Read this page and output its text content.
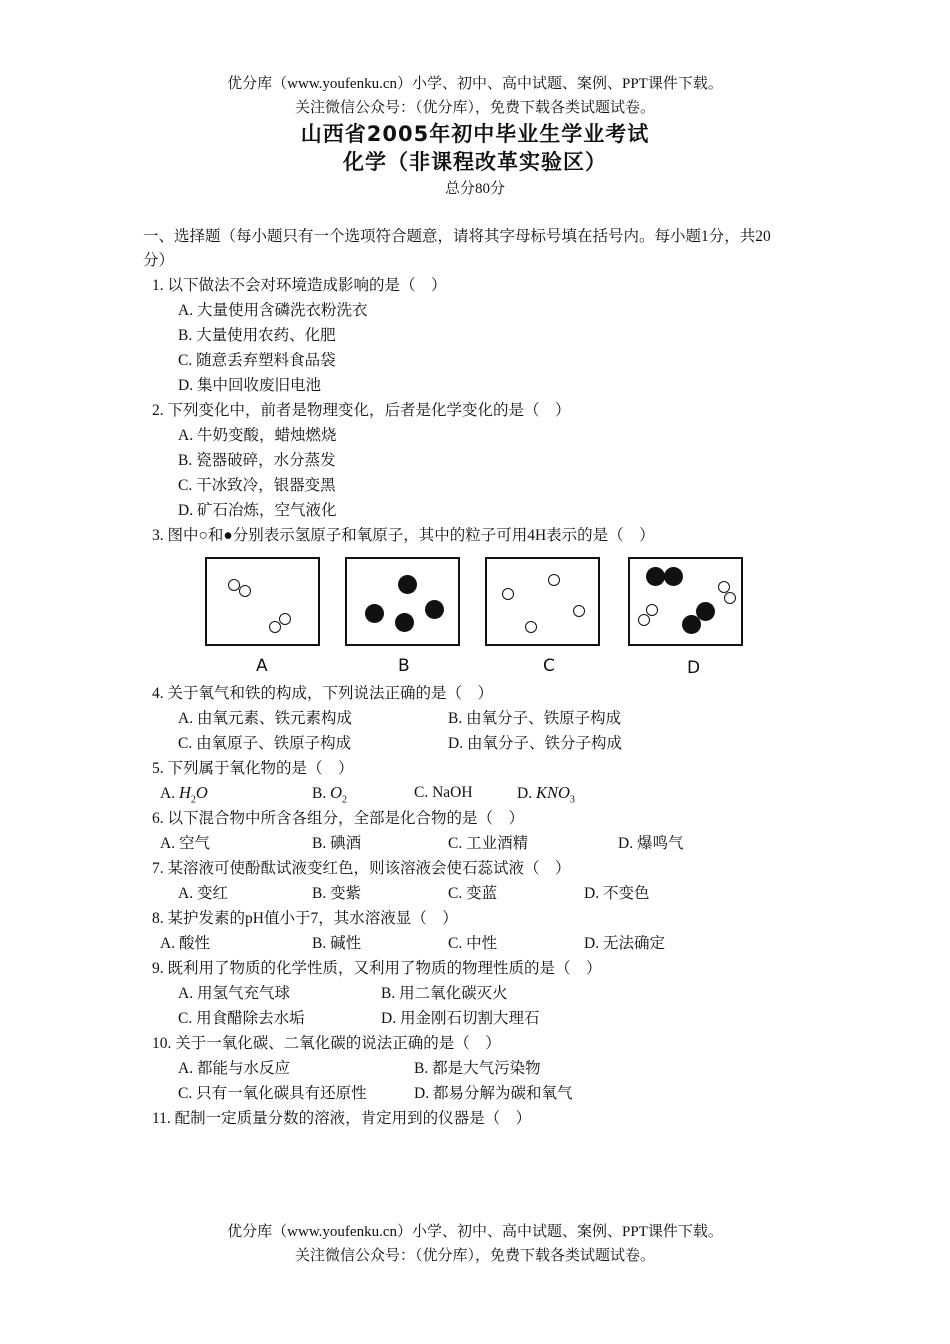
优分库（www.youfenku.cn）小学、初中、高中试题、案例、PPT课件下载。
关注微信公众号：（优分库），免费下载各类试题试卷。
山西省2005年初中毕业生学业考试
化学（非课程改革实验区）
总分80分
一、选择题（每小题只有一个选项符合题意，请将其字母标号填在括号内。每小题1分，共20
分）
1. 以下做法不会对环境造成影响的是（　）
A. 大量使用含磷洗衣粉洗衣
B. 大量使用农药、化肥
C. 随意丢弃塑料食品袋
D. 集中回收废旧电池
2. 下列变化中，前者是物理变化，后者是化学变化的是（　）
A. 牛奶变酸，蜡烛燃烧
B. 瓷器破碎，水分蒸发
C. 干冰致冷，银器变黑
D. 矿石冶炼，空气液化
3. 图中○和●分别表示氢原子和氧原子，其中的粒子可用4H表示的是（　）
A	B	C	D
4. 关于氧气和铁的构成，下列说法正确的是（　）
A. 由氧元素、铁元素构成	B. 由氧分子、铁原子构成
C. 由氧原子、铁原子构成	D. 由氧分子、铁分子构成
5. 下列属于氧化物的是（　）
A. $H_2O$	B. $O_2$	C. NaOH	D. $KNO_3$
6. 以下混合物中所含各组分，全部是化合物的是（　）
A. 空气	B. 碘酒	C. 工业酒精	D. 爆鸣气
7. 某溶液可使酚酞试液变红色，则该溶液会使石蕊试液（　）
A. 变红	B. 变紫	C. 变蓝	D. 不变色
8. 某护发素的pH值小于7，其水溶液显（　）
A. 酸性	B. 碱性	C. 中性	D. 无法确定
9. 既利用了物质的化学性质，又利用了物质的物理性质的是（　）
A. 用氢气充气球	B. 用二氧化碳灭火
C. 用食醋除去水垢	D. 用金刚石切割大理石
10. 关于一氧化碳、二氧化碳的说法正确的是（　）
A. 都能与水反应	B. 都是大气污染物
C. 只有一氧化碳具有还原性	D. 都易分解为碳和氧气
11. 配制一定质量分数的溶液，肯定用到的仪器是（　）
优分库（www.youfenku.cn）小学、初中、高中试题、案例、PPT课件下载。
关注微信公众号：（优分库），免费下载各类试题试卷。
